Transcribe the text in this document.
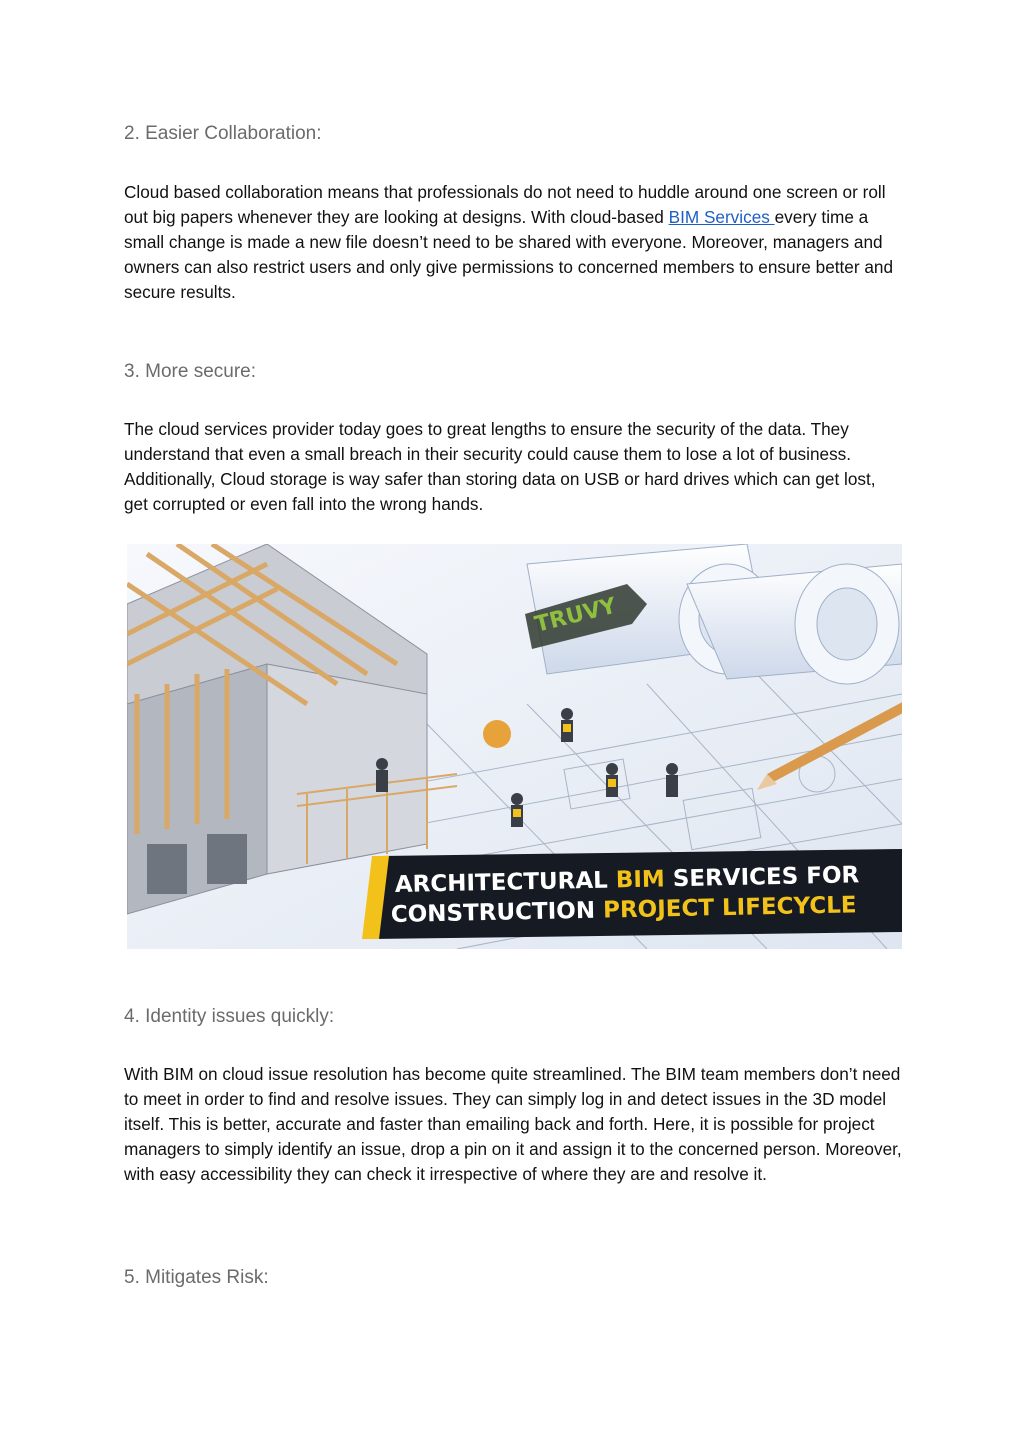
2. Easier Collaboration:

Cloud based collaboration means that professionals do not need to huddle around one screen or roll out big papers whenever they are looking at designs. With cloud-based BIM Services every time a small change is made a new file doesn’t need to be shared with everyone. Moreover, managers and owners can also restrict users and only give permissions to concerned members to ensure better and secure results.

3. More secure:

The cloud services provider today goes to great lengths to ensure the security of the data. They understand that even a small breach in their security could cause them to lose a lot of business. Additionally, Cloud storage is way safer than storing data on USB or hard drives which can get lost, get corrupted or even fall into the wrong hands.

TRUVY
ARCHITECTURAL BIM SERVICES FOR
CONSTRUCTION PROJECT LIFECYCLE
4. Identity issues quickly:

With BIM on cloud issue resolution has become quite streamlined. The BIM team members don’t need to meet in order to find and resolve issues. They can simply log in and detect issues in the 3D model itself. This is better, accurate and faster than emailing back and forth. Here, it is possible for project managers to simply identify an issue, drop a pin on it and assign it to the concerned person. Moreover, with easy accessibility they can check it irrespective of where they are and resolve it.

5. Mitigates Risk:
